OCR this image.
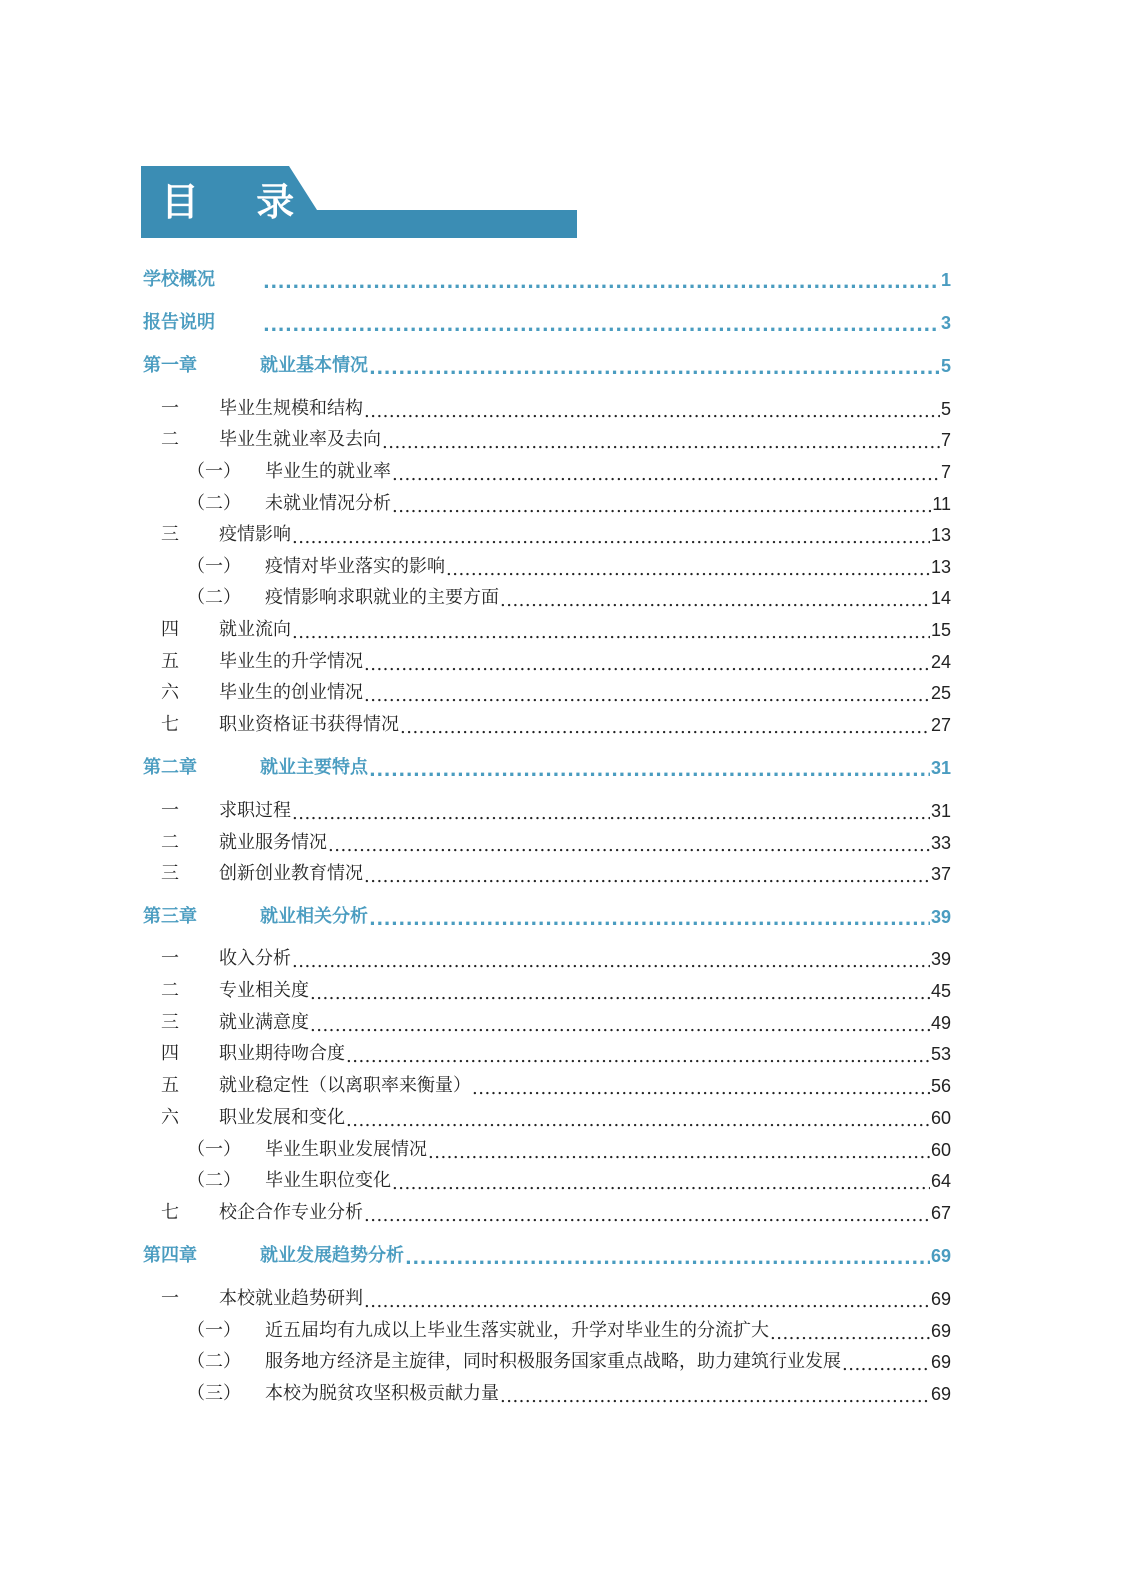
目 录
学校概况 .....	1
报告说明 .....	3
第一章	就业基本情况 .....	5
一	毕业生规模和结构 .....	5
二	毕业生就业率及去向 .....	7
（一）	毕业生的就业率 .....	7
（二）	未就业情况分析 .....	11
三	疫情影响 .....	13
（一）	疫情对毕业落实的影响 .....	13
（二）	疫情影响求职就业的主要方面 .....	14
四	就业流向 .....	15
五	毕业生的升学情况 .....	24
六	毕业生的创业情况 .....	25
七	职业资格证书获得情况 .....	27
第二章	就业主要特点 .....	31
一	求职过程 .....	31
二	就业服务情况 .....	33
三	创新创业教育情况 .....	37
第三章	就业相关分析 .....	39
一	收入分析 .....	39
二	专业相关度 .....	45
三	就业满意度 .....	49
四	职业期待吻合度 .....	53
五	就业稳定性（以离职率来衡量） .....	56
六	职业发展和变化 .....	60
（一）	毕业生职业发展情况 .....	60
（二）	毕业生职位变化 .....	64
七	校企合作专业分析 .....	67
第四章	就业发展趋势分析 .....	69
一	本校就业趋势研判 .....	69
（一）	近五届均有九成以上毕业生落实就业，升学对毕业生的分流扩大 .....	69
（二）	服务地方经济是主旋律，同时积极服务国家重点战略，助力建筑行业发展 .....	69
（三）	本校为脱贫攻坚积极贡献力量 .....	69
